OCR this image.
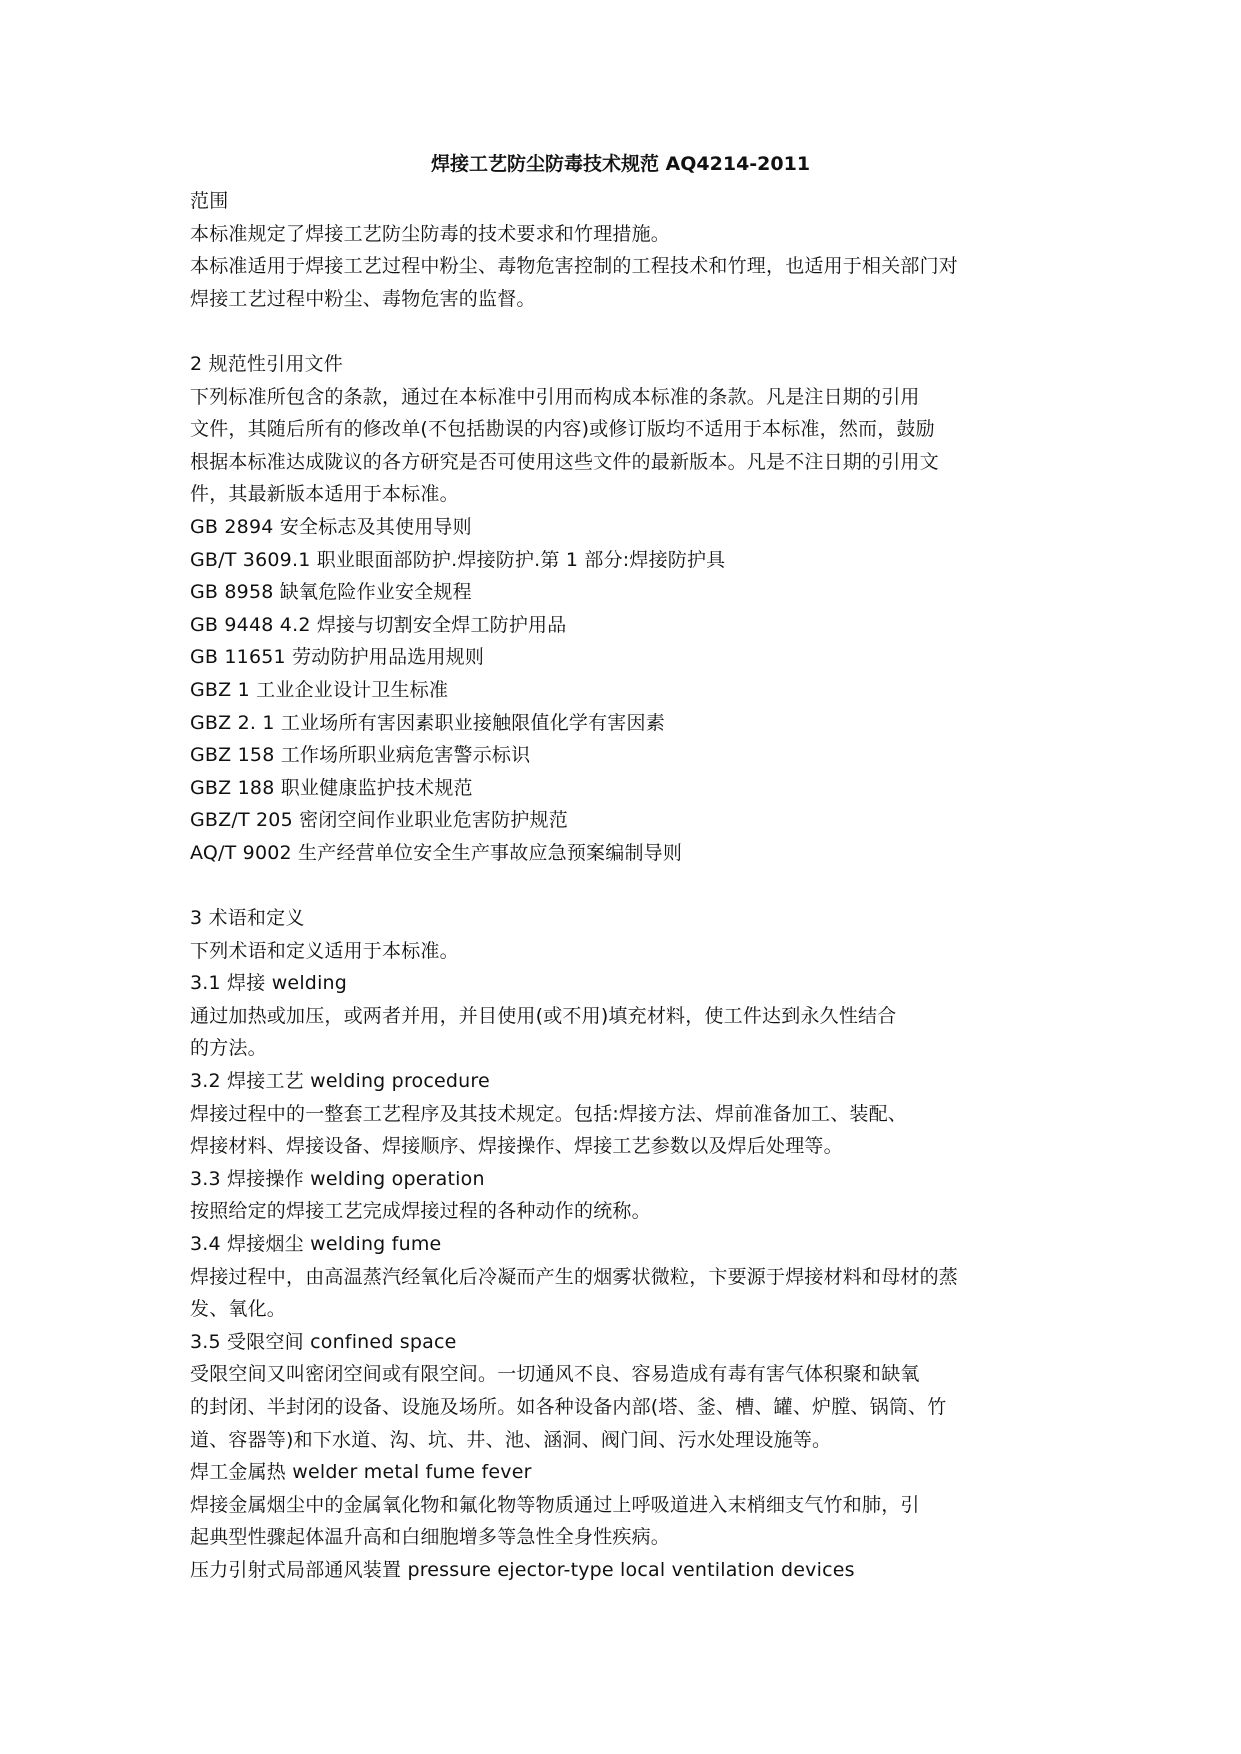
焊接工艺防尘防毒技术规范 AQ4214-2011
范围
本标准规定了焊接工艺防尘防毒的技术要求和竹理措施。
本标准适用于焊接工艺过程中粉尘、毒物危害控制的工程技术和竹理，也适用于相关部门对
焊接工艺过程中粉尘、毒物危害的监督。
2 规范性引用文件
下列标准所包含的条款，通过在本标准中引用而构成本标准的条款。凡是注日期的引用
文件，其随后所有的修改单(不包括勘误的内容)或修订版均不适用于本标准，然而，鼓励
根据本标准达成陇议的各方研究是否可使用这些文件的最新版本。凡是不注日期的引用文
件，其最新版本适用于本标准。
GB 2894 安全标志及其使用导则
GB/T 3609.1 职业眼面部防护.焊接防护.第 1 部分:焊接防护具
GB 8958 缺氧危险作业安全规程
GB 9448 4.2 焊接与切割安全焊工防护用品
GB 11651 劳动防护用品选用规则
GBZ 1 工业企业设计卫生标准
GBZ 2. 1 工业场所有害因素职业接触限值化学有害因素
GBZ 158 工作场所职业病危害警示标识
GBZ 188 职业健康监护技术规范
GBZ/T 205 密闭空间作业职业危害防护规范
AQ/T 9002 生产经营单位安全生产事故应急预案编制导则
3 术语和定义
下列术语和定义适用于本标准。
3.1 焊接 welding
通过加热或加压，或两者并用，并目使用(或不用)填充材料，使工件达到永久性结合
的方法。
3.2 焊接工艺 welding procedure
焊接过程中的一整套工艺程序及其技术规定。包括:焊接方法、焊前准备加工、装配、
焊接材料、焊接设备、焊接顺序、焊接操作、焊接工艺参数以及焊后处理等。
3.3 焊接操作 welding operation
按照给定的焊接工艺完成焊接过程的各种动作的统称。
3.4 焊接烟尘 welding fume
焊接过程中，由高温蒸汽经氧化后冷凝而产生的烟雾状微粒，卞要源于焊接材料和母材的蒸
发、氧化。
3.5 受限空间 confined space
受限空间又叫密闭空间或有限空间。一切通风不良、容易造成有毒有害气体积聚和缺氧
的封闭、半封闭的设备、设施及场所。如各种设备内部(塔、釜、槽、罐、炉膛、锅筒、竹
道、容器等)和下水道、沟、坑、井、池、涵洞、阀门间、污水处理设施等。
焊工金属热 welder metal fume fever
焊接金属烟尘中的金属氧化物和氟化物等物质通过上呼吸道进入末梢细支气竹和肺，引
起典型性骤起体温升高和白细胞增多等急性全身性疾病。
压力引射式局部通风装置 pressure ejector-type local ventilation devices
